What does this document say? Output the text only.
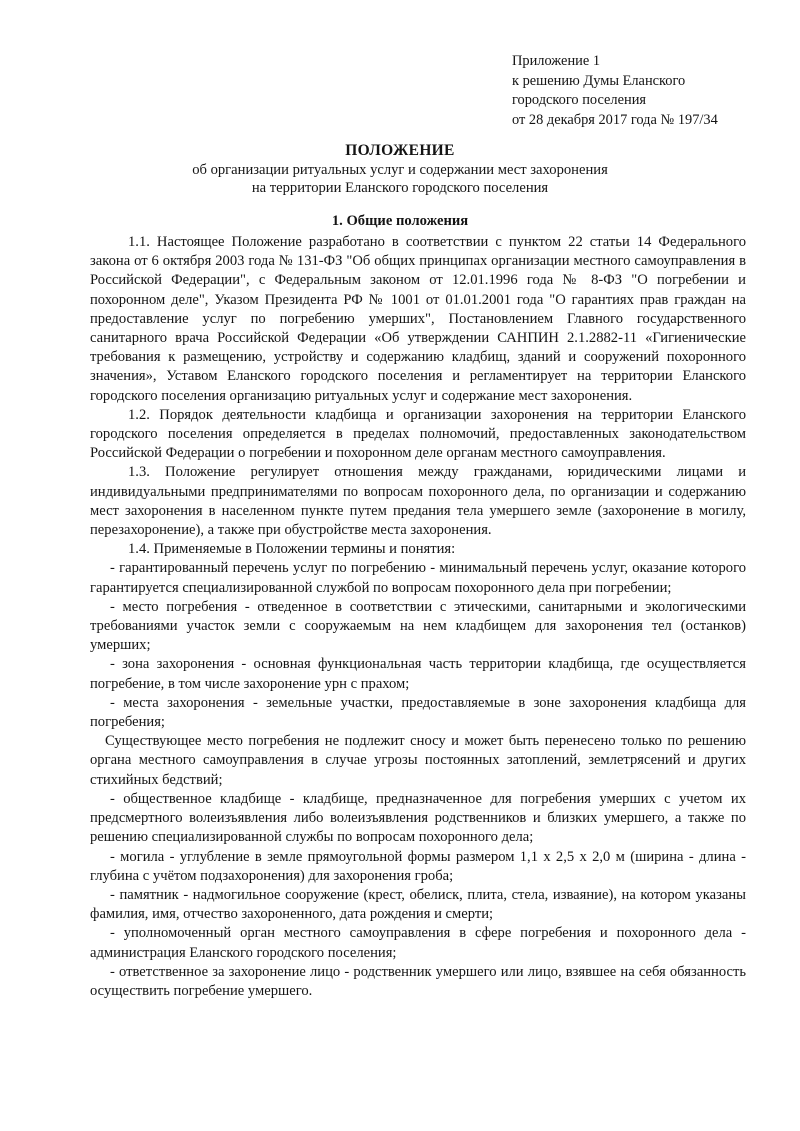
Приложение 1
к решению Думы Еланского
городского поселения
от 28 декабря 2017 года № 197/34
ПОЛОЖЕНИЕ
об организации ритуальных услуг и содержании мест захоронения
на территории Еланского городского поселения
1. Общие положения

1.1. Настоящее Положение разработано в соответствии с пунктом 22 статьи 14 Федерального закона от 6 октября 2003 года № 131-ФЗ "Об общих принципах организации местного самоуправления в Российской Федерации", с Федеральным законом от 12.01.1996 года № 8-ФЗ "О погребении и похоронном деле", Указом Президента РФ № 1001 от 01.01.2001 года "О гарантиях прав граждан на предоставление услуг по погребению умерших", Постановлением Главного государственного санитарного врача Российской Федерации «Об утверждении САНПИН 2.1.2882-11 «Гигиенические требования к размещению, устройству и содержанию кладбищ, зданий и сооружений похоронного значения», Уставом Еланского городского поселения и регламентирует на территории Еланского городского поселения организацию ритуальных услуг и содержание мест захоронения.

1.2. Порядок деятельности кладбища и организации захоронения на территории Еланского городского поселения определяется в пределах полномочий, предоставленных законодательством Российской Федерации о погребении и похоронном деле органам местного самоуправления.

1.3. Положение регулирует отношения между гражданами, юридическими лицами и индивидуальными предпринимателями по вопросам похоронного дела, по организации и содержанию мест захоронения в населенном пункте путем предания тела умершего земле (захоронение в могилу, перезахоронение), а также при обустройстве места захоронения.

1.4. Применяемые в Положении термины и понятия:

- гарантированный перечень услуг по погребению - минимальный перечень услуг, оказание которого гарантируется специализированной службой по вопросам похоронного дела при погребении;

- место погребения - отведенное в соответствии с этическими, санитарными и экологическими требованиями участок земли с сооружаемым на нем кладбищем для захоронения тел (останков) умерших;

- зона захоронения - основная функциональная часть территории кладбища, где осуществляется погребение, в том числе захоронение урн с прахом;

- места захоронения - земельные участки, предоставляемые в зоне захоронения кладбища для погребения;

Существующее место погребения не подлежит сносу и может быть перенесено только по решению органа местного самоуправления в случае угрозы постоянных затоплений, землетрясений и других стихийных бедствий;

- общественное кладбище - кладбище, предназначенное для погребения умерших с учетом их предсмертного волеизъявления либо волеизъявления родственников и близких умершего, а также по решению специализированной службы по вопросам похоронного дела;

- могила - углубление в земле прямоугольной формы размером 1,1 х 2,5 х 2,0 м (ширина - длина - глубина с учётом подзахоронения) для захоронения гроба;

- памятник - надмогильное сооружение (крест, обелиск, плита, стела, изваяние), на котором указаны фамилия, имя, отчество захороненного, дата рождения и смерти;

- уполномоченный орган местного самоуправления в сфере погребения и похоронного дела - администрация Еланского городского поселения;

- ответственное за захоронение лицо - родственник умершего или лицо, взявшее на себя обязанность осуществить погребение умершего.
